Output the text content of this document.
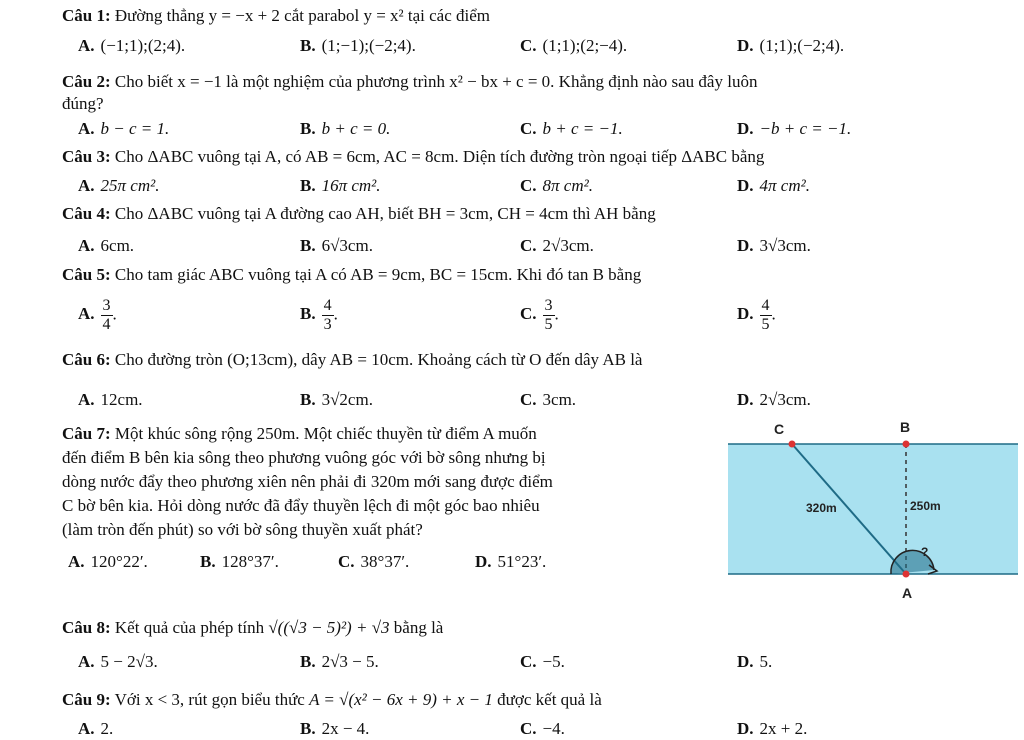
Câu 1: Đường thẳng y = −x + 2 cắt parabol y = x² tại các điểm
A. (−1;1);(2;4).	B. (1;−1);(−2;4).	C. (1;1);(2;−4).	D. (1;1);(−2;4).
Câu 2: Cho biết x = −1 là một nghiệm của phương trình x² − bx + c = 0. Khẳng định nào sau đây luôn
đúng?
A. b − c = 1.	B. b + c = 0.	C. b + c = −1.	D. −b + c = −1.
Câu 3: Cho ΔABC vuông tại A, có AB = 6cm, AC = 8cm. Diện tích đường tròn ngoại tiếp ΔABC bằng
A. 25π cm².	B. 16π cm².	C. 8π cm².	D. 4π cm².
Câu 4: Cho ΔABC vuông tại A đường cao AH, biết BH = 3cm, CH = 4cm thì AH bằng
A. 6cm.	B. 6√3cm.	C. 2√3cm.	D. 3√3cm.
Câu 5: Cho tam giác ABC vuông tại A có AB = 9cm, BC = 15cm. Khi đó tan B bằng
A. $\frac{3}{4}$ .	B. $\frac{4}{3}$ .	C. $\frac{3}{5}$ .	D. $\frac{4}{5}$ .
Câu 6: Cho đường tròn (O;13cm), dây AB = 10cm. Khoảng cách từ O đến dây AB là
A. 12cm.	B. 3√2cm.	C. 3cm.	D. 2√3cm.
Câu 7: Một khúc sông rộng 250m. Một chiếc thuyền từ điểm A muốn
đến điểm B bên kia sông theo phương vuông góc với bờ sông nhưng bị
dòng nước đẩy theo phương xiên nên phải đi 320m mới sang được điểm
C bờ bên kia. Hỏi dòng nước đã đẩy thuyền lệch đi một góc bao nhiêu
(làm tròn đến phút) so với bờ sông thuyền xuất phát?
A. 120°22′.	B. 128°37′.	C. 38°37′.	D. 51°23′.
C	B
A
320m	250m
?
Câu 8: Kết quả của phép tính √((√3 − 5)²) + √3 bằng là
A. 5 − 2√3.	B. 2√3 − 5.	C. −5.	D. 5.
Câu 9: Với x < 3, rút gọn biểu thức A = √(x² − 6x + 9) + x − 1 được kết quả là
A. 2.	B. 2x − 4.	C. −4.	D. 2x + 2.
